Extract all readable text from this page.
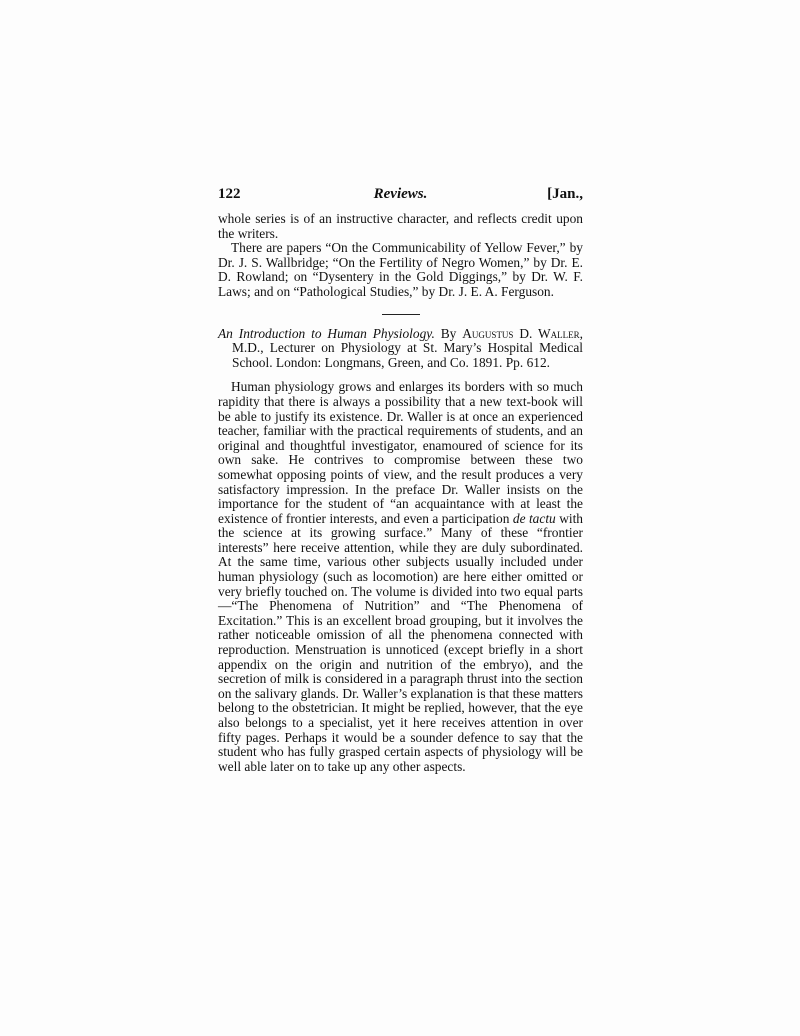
122	Reviews.	[Jan.,

whole series is of an instructive character, and reflects credit upon the writers.

There are papers “On the Communicability of Yellow Fever,” by Dr. J. S. Wallbridge; “On the Fertility of Negro Women,” by Dr. E. D. Rowland; on “Dysentery in the Gold Diggings,” by Dr. W. F. Laws; and on “Pathological Studies,” by Dr. J. E. A. Ferguson.

An Introduction to Human Physiology. By Augustus D. Waller, M.D., Lecturer on Physiology at St. Mary’s Hospital Medical School. London: Longmans, Green, and Co. 1891. Pp. 612.

Human physiology grows and enlarges its borders with so much rapidity that there is always a possibility that a new text-book will be able to justify its existence. Dr. Waller is at once an experienced teacher, familiar with the practical requirements of students, and an original and thoughtful investigator, enamoured of science for its own sake. He contrives to compromise between these two somewhat opposing points of view, and the result produces a very satisfactory impression. In the preface Dr. Waller insists on the importance for the student of “an acquaintance with at least the existence of frontier interests, and even a participation de tactu with the science at its growing surface.” Many of these “frontier interests” here receive attention, while they are duly subordinated. At the same time, various other subjects usually included under human physiology (such as locomotion) are here either omitted or very briefly touched on. The volume is divided into two equal parts—“The Phenomena of Nutrition” and “The Phenomena of Excitation.” This is an excellent broad grouping, but it involves the rather noticeable omission of all the phenomena connected with reproduction. Menstruation is unnoticed (except briefly in a short appendix on the origin and nutrition of the embryo), and the secretion of milk is considered in a paragraph thrust into the section on the salivary glands. Dr. Waller’s explanation is that these matters belong to the obstetrician. It might be replied, however, that the eye also belongs to a specialist, yet it here receives attention in over fifty pages. Perhaps it would be a sounder defence to say that the student who has fully grasped certain aspects of physiology will be well able later on to take up any other aspects.
